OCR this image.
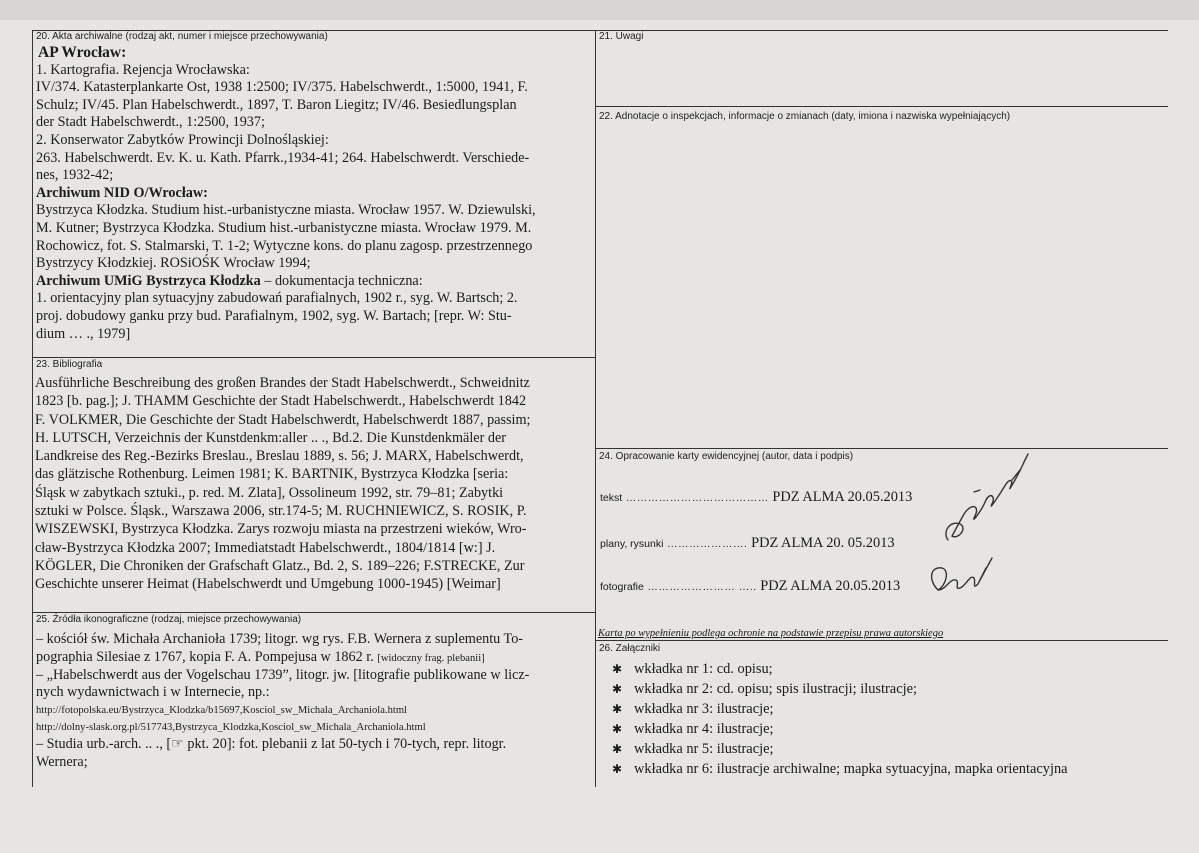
20. Akta archiwalne (rodzaj akt, numer i miejsce przechowywania)

AP Wrocław:

1. Kartografia. Rejencja Wrocławska:

IV/374. Katasterplankarte Ost, 1938 1:2500; IV/375. Habelschwerdt., 1:5000, 1941, F.

Schulz; IV/45. Plan Habelschwerdt., 1897, T. Baron Liegitz; IV/46. Besiedlungsplan

der Stadt Habelschwerdt., 1:2500, 1937;

2. Konserwator Zabytków Prowincji Dolnośląskiej:

263. Habelschwerdt. Ev. K. u. Kath. Pfarrk.,1934-41; 264. Habelschwerdt. Verschiede-

nes, 1932-42;

Archiwum NID O/Wrocław:

Bystrzyca Kłodzka. Studium hist.-urbanistyczne miasta. Wrocław 1957. W. Dziewulski,

M. Kutner; Bystrzyca Kłodzka. Studium hist.-urbanistyczne miasta. Wrocław 1979. M.

Rochowicz, fot. S. Stalmarski, T. 1-2; Wytyczne kons. do planu zagosp. przestrzennego

Bystrzycy Kłodzkiej. ROSiOŚK Wrocław 1994;

Archiwum UMiG Bystrzyca Kłodzka – dokumentacja techniczna:

1. orientacyjny plan sytuacyjny zabudowań parafialnych, 1902 r., syg. W. Bartsch; 2.

proj. dobudowy ganku przy bud. Parafialnym, 1902, syg. W. Bartach; [repr. W: Stu-

dium … ., 1979]

21. Uwagi
22. Adnotacje o inspekcjach, informacje o zmianach (daty, imiona i nazwiska wypełniających)
23. Bibliografia

Ausführliche Beschreibung des großen Brandes der Stadt Habelschwerdt., Schweidnitz

1823 [b. pag.]; J. THAMM Geschichte der Stadt Habelschwerdt., Habelschwerdt 1842

F. VOLKMER, Die Geschichte der Stadt Habelschwerdt, Habelschwerdt 1887, passim;

H. LUTSCH, Verzeichnis der Kunstdenkm:aller .. ., Bd.2. Die Kunstdenkmäler der

Landkreise des Reg.-Bezirks Breslau., Breslau 1889, s. 56; J. MARX, Habelschwerdt,

das glätzische Rothenburg. Leimen 1981; K. BARTNIK, Bystrzyca Kłodzka [seria:

Śląsk w zabytkach sztuki., p. red. M. Zlata], Ossolineum 1992, str. 79–81; Zabytki

sztuki w Polsce. Śląsk., Warszawa 2006, str.174-5; M. RUCHNIEWICZ, S. ROSIK, P.

WISZEWSKI, Bystrzyca Kłodzka. Zarys rozwoju miasta na przestrzeni wieków, Wro-

cław-Bystrzyca Kłodzka 2007; Immediatstadt Habelschwerdt., 1804/1814 [w:] J.

KÖGLER, Die Chroniken der Grafschaft Glatz., Bd. 2, S. 189–226; F.STRECKE, Zur

Geschichte unserer Heimat (Habelschwerdt und Umgebung 1000-1945) [Weimar]

24. Opracowanie karty ewidencyjnej (autor, data i podpis)
tekst ………………………………… PDZ ALMA 20.05.2013
plany, rysunki …………………. PDZ ALMA 20. 05.2013
fotografie …………………… ….. PDZ ALMA 20.05.2013
Karta po wypełnieniu podlega ochronie na podstawie przepisu prawa autorskiego
25. Źródła ikonograficzne (rodzaj, miejsce przechowywania)

– kościół św. Michała Archanioła 1739; litogr. wg rys. F.B. Wernera z suplementu To-

pographia Silesiae z 1767, kopia F. A. Pompejusa w 1862 r. [widoczny frag. plebanii]

– „Habelschwerdt aus der Vogelschau 1739”, litogr. jw. [litografie publikowane w licz-

nych wydawnictwach i w Internecie, np.:

http://fotopolska.eu/Bystrzyca_Klodzka/b15697,Kosciol_sw_Michala_Archaniola.html

http://dolny-slask.org.pl/517743,Bystrzyca_Klodzka,Kosciol_sw_Michala_Archaniola.html

– Studia urb.-arch. .. ., [☞ pkt. 20]: fot. plebanii z lat 50-tych i 70-tych, repr. litogr.

Wernera;

26. Załączniki
✱ wkładka nr 1: cd. opisu;
✱ wkładka nr 2: cd. opisu; spis ilustracji; ilustracje;
✱ wkładka nr 3: ilustracje;
✱ wkładka nr 4: ilustracje;
✱ wkładka nr 5: ilustracje;
✱ wkładka nr 6: ilustracje archiwalne; mapka sytuacyjna, mapka orientacyjna
